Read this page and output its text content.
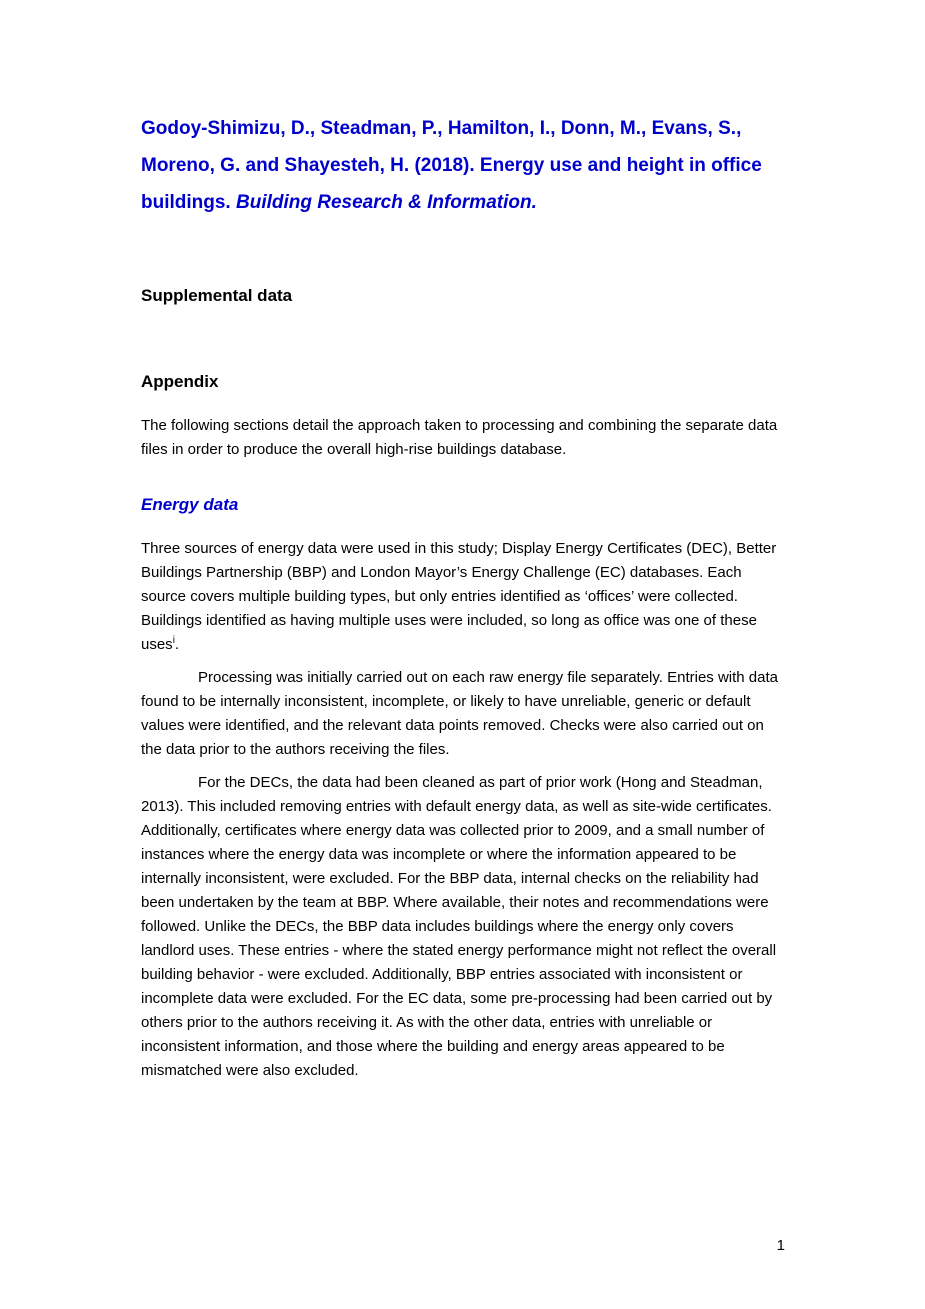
Godoy-Shimizu, D., Steadman, P., Hamilton, I., Donn, M., Evans, S., Moreno, G. and Shayesteh, H. (2018). Energy use and height in office buildings. Building Research & Information.
Supplemental data
Appendix

The following sections detail the approach taken to processing and combining the separate data files in order to produce the overall high-rise buildings database.

Energy data

Three sources of energy data were used in this study; Display Energy Certificates (DEC), Better Buildings Partnership (BBP) and London Mayor’s Energy Challenge (EC) databases. Each source covers multiple building types, but only entries identified as ‘offices’ were collected. Buildings identified as having multiple uses were included, so long as office was one of these uses$^i$.

Processing was initially carried out on each raw energy file separately. Entries with data found to be internally inconsistent, incomplete, or likely to have unreliable, generic or default values were identified, and the relevant data points removed. Checks were also carried out on the data prior to the authors receiving the files.

For the DECs, the data had been cleaned as part of prior work (Hong and Steadman, 2013). This included removing entries with default energy data, as well as site-wide certificates. Additionally, certificates where energy data was collected prior to 2009, and a small number of instances where the energy data was incomplete or where the information appeared to be internally inconsistent, were excluded. For the BBP data, internal checks on the reliability had been undertaken by the team at BBP. Where available, their notes and recommendations were followed. Unlike the DECs, the BBP data includes buildings where the energy only covers landlord uses. These entries - where the stated energy performance might not reflect the overall building behavior - were excluded. Additionally, BBP entries associated with inconsistent or incomplete data were excluded. For the EC data, some pre-processing had been carried out by others prior to the authors receiving it. As with the other data, entries with unreliable or inconsistent information, and those where the building and energy areas appeared to be mismatched were also excluded.

1
